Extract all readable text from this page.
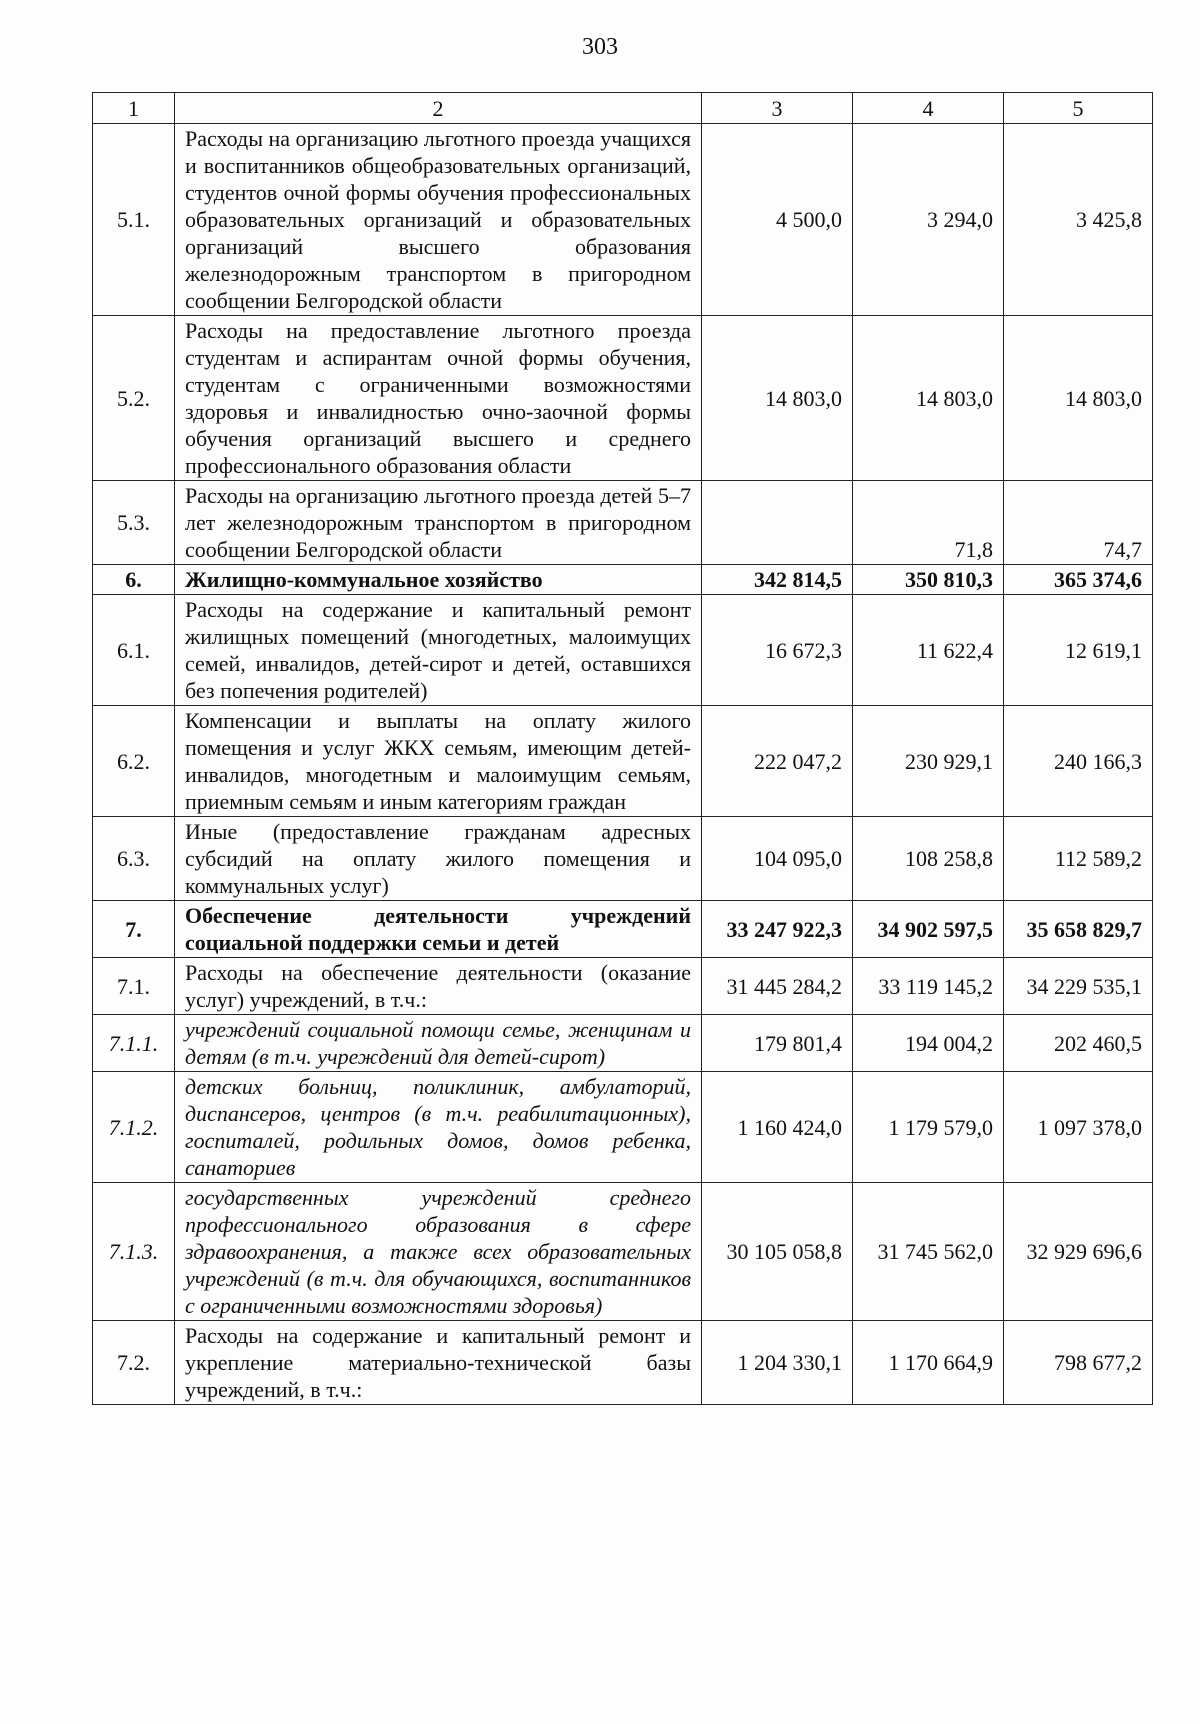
303
1	2	3	4	5
5.1.	Расходы на организацию льготного проезда учащихся и воспитанников общеобразовательных организаций, студентов очной формы обучения профессиональных образовательных организаций и образовательных организаций высшего образования железнодорожным транспортом в пригородном сообщении Белгородской области	4 500,0	3 294,0	3 425,8
5.2.	Расходы на предоставление льготного проезда студентам и аспирантам очной формы обучения, студентам с ограниченными возможностями здоровья и инвалидностью очно-заочной формы обучения организаций высшего и среднего профессионального образования области	14 803,0	14 803,0	14 803,0
5.3.	Расходы на организацию льготного проезда детей 5–7 лет железнодорожным транспортом в пригородном сообщении Белгородской области		71,8	74,7
6.	Жилищно-коммунальное хозяйство	342 814,5	350 810,3	365 374,6
6.1.	Расходы на содержание и капитальный ремонт жилищных помещений (многодетных, малоимущих семей, инвалидов, детей-сирот и детей, оставшихся без попечения родителей)	16 672,3	11 622,4	12 619,1
6.2.	Компенсации и выплаты на оплату жилого помещения и услуг ЖКХ семьям, имеющим детей-инвалидов, многодетным и малоимущим семьям, приемным семьям и иным категориям граждан	222 047,2	230 929,1	240 166,3
6.3.	Иные (предоставление гражданам адресных субсидий на оплату жилого помещения и коммунальных услуг)	104 095,0	108 258,8	112 589,2
7.	Обеспечение деятельности учреждений социальной поддержки семьи и детей	33 247 922,3	34 902 597,5	35 658 829,7
7.1.	Расходы на обеспечение деятельности (оказание услуг) учреждений, в т.ч.:	31 445 284,2	33 119 145,2	34 229 535,1
7.1.1.	учреждений социальной помощи семье, женщинам и детям (в т.ч. учреждений для детей-сирот)	179 801,4	194 004,2	202 460,5
7.1.2.	детских больниц, поликлиник, амбулаторий, диспансеров, центров (в т.ч. реабилитационных), госпиталей, родильных домов, домов ребенка, санаториев	1 160 424,0	1 179 579,0	1 097 378,0
7.1.3.	государственных учреждений среднего профессионального образования в сфере здравоохранения, а также всех образовательных учреждений (в т.ч. для обучающихся, воспитанников с ограниченными возможностями здоровья)	30 105 058,8	31 745 562,0	32 929 696,6
7.2.	Расходы на содержание и капитальный ремонт и укрепление материально-технической базы учреждений, в т.ч.:	1 204 330,1	1 170 664,9	798 677,2
